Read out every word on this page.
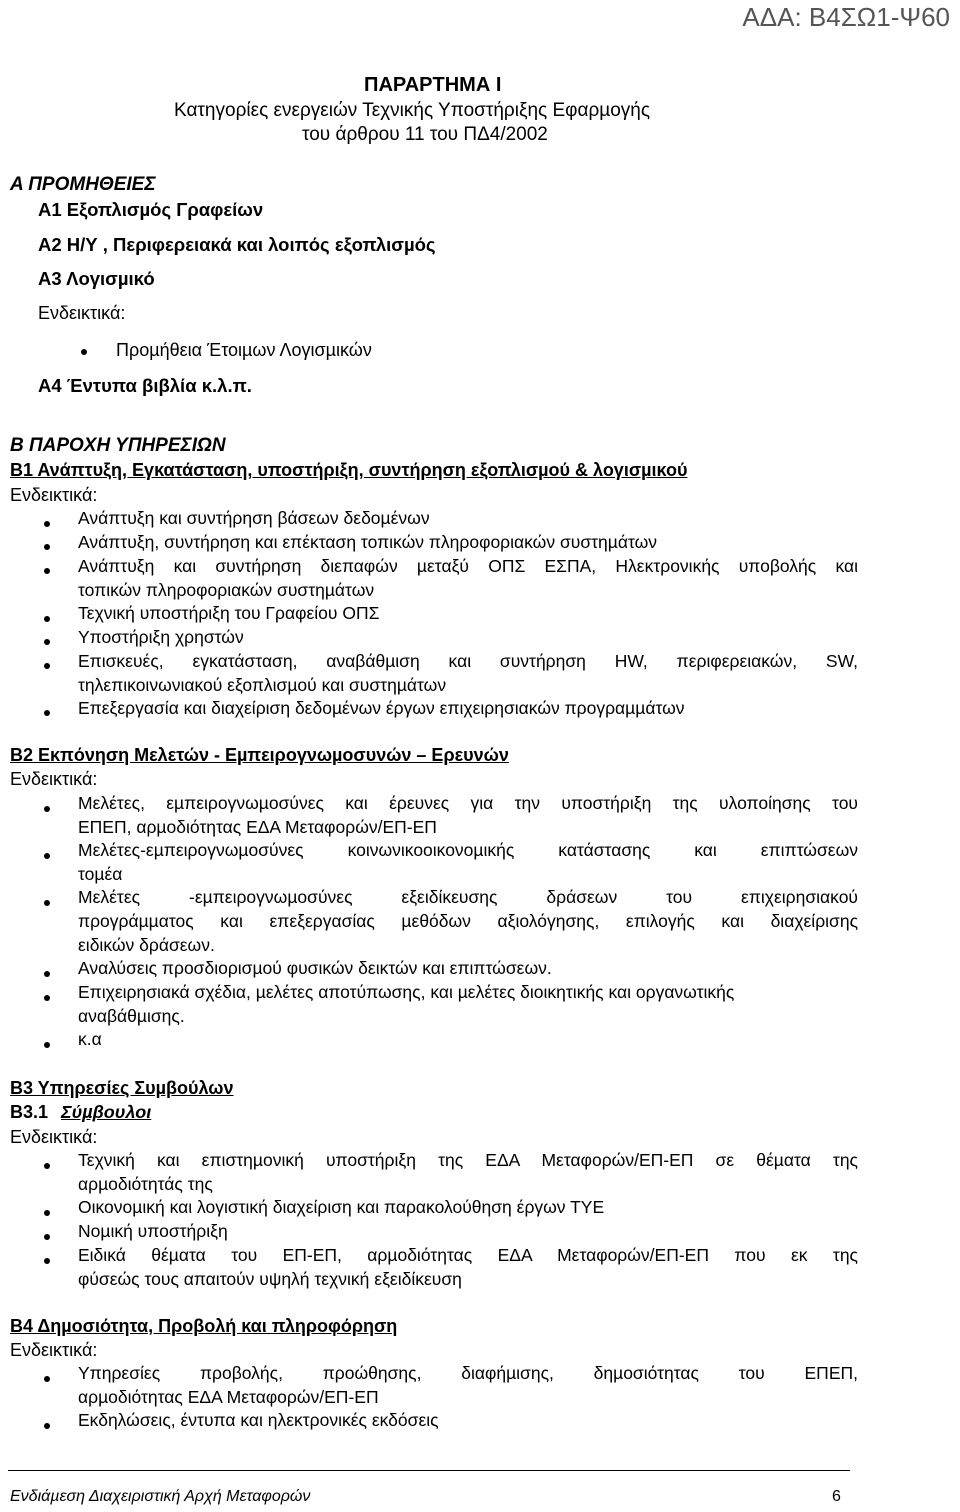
ΑΔΑ: Β4ΣΩ1-Ψ60
ΠΑΡΑΡΤΗΜΑ Ι
Κατηγορίες ενεργειών Τεχνικής Υποστήριξης Εφαρµογής
του άρθρου 11 του ΠΔ4/2002
Α ΠΡΟΜΗΘΕΙΕΣ
Α1 Εξοπλισµός Γραφείων
Α2 Η/Υ , Περιφερειακά και λοιπός εξοπλισµός
Α3 Λογισµικό
Ενδεικτικά:
Προµήθεια Έτοιµων Λογισµικών
Α4 Έντυπα βιβλία κ.λ.π.
Β ΠΑΡΟΧΗ ΥΠΗΡΕΣΙΩΝ
Β1 Ανάπτυξη, Εγκατάσταση, υποστήριξη, συντήρηση εξοπλισµού & λογισµικού
Ενδεικτικά:
Ανάπτυξη και συντήρηση βάσεων δεδοµένων
Ανάπτυξη, συντήρηση και επέκταση τοπικών πληροφοριακών συστηµάτων
Ανάπτυξη και συντήρηση διεπαφών µεταξύ ΟΠΣ ΕΣΠΑ, Ηλεκτρονικής υποβολής και
τοπικών πληροφοριακών συστηµάτων
Τεχνική υποστήριξη του Γραφείου ΟΠΣ
Υποστήριξη χρηστών
Επισκευές, εγκατάσταση, αναβάθµιση και συντήρηση HW, περιφερειακών, SW,
τηλεπικοινωνιακού εξοπλισµού και συστηµάτων
Επεξεργασία και διαχείριση δεδοµένων έργων επιχειρησιακών προγραµµάτων
Β2 Εκπόνηση Μελετών - Εµπειρογνωµοσυνών – Ερευνών
Ενδεικτικά:
Μελέτες, εµπειρογνωµοσύνες και έρευνες για την υποστήριξη της υλοποίησης του
ΕΠΕΠ, αρµοδιότητας ΕΔΑ Μεταφορών/ΕΠ-ΕΠ
Μελέτες-εµπειρογνωµοσύνες κοινωνικοοικονοµικής κατάστασης και επιπτώσεων
τοµέα
Μελέτες -εµπειρογνωµοσύνες εξειδίκευσης δράσεων του επιχειρησιακού
προγράµµατος και επεξεργασίας µεθόδων αξιολόγησης, επιλογής και διαχείρισης
ειδικών δράσεων.
Αναλύσεις προσδιορισµού φυσικών δεικτών και επιπτώσεων.
Επιχειρησιακά σχέδια, µελέτες αποτύπωσης, και µελέτες διοικητικής και οργανωτικής
αναβάθµισης.
κ.α
Β3 Υπηρεσίες Συµβούλων
Β3.1 Σύµβουλοι
Ενδεικτικά:
Τεχνική και επιστηµονική υποστήριξη της ΕΔΑ Μεταφορών/ΕΠ-ΕΠ σε θέµατα της
αρµοδιότητάς της
Οικονοµική και λογιστική διαχείριση και παρακολούθηση έργων ΤΥΕ
Νοµική υποστήριξη
Ειδικά θέµατα του ΕΠ-ΕΠ, αρµοδιότητας ΕΔΑ Μεταφορών/ΕΠ-ΕΠ που εκ της
φύσεώς τους απαιτούν υψηλή τεχνική εξειδίκευση
Β4 Δηµοσιότητα, Προβολή και πληροφόρηση
Ενδεικτικά:
Υπηρεσίες προβολής, προώθησης, διαφήµισης, δηµοσιότητας του ΕΠΕΠ,
αρµοδιότητας ΕΔΑ Μεταφορών/ΕΠ-ΕΠ
Εκδηλώσεις, έντυπα και ηλεκτρονικές εκδόσεις
Ενδιάµεση Διαχειριστική Αρχή Μεταφορών	6
